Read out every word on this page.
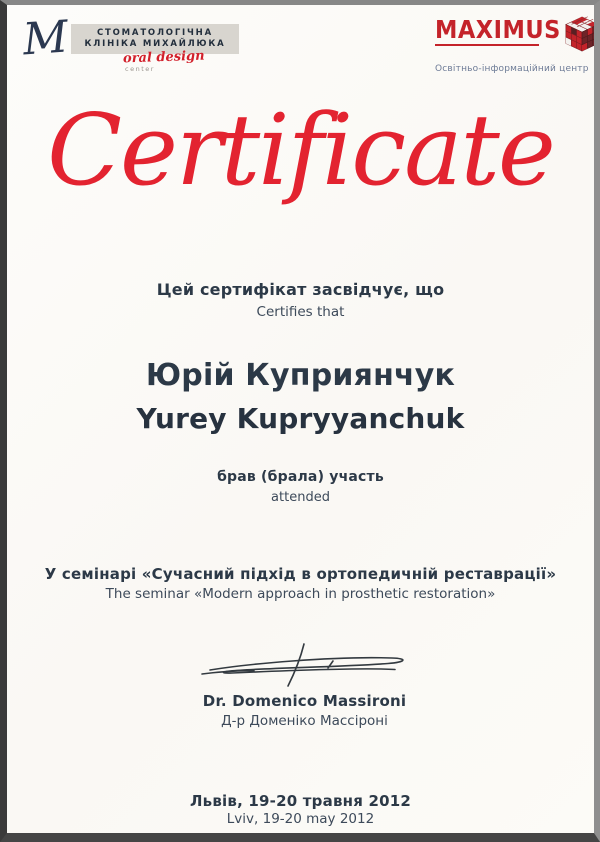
М	СТОМАТОЛОГІЧНА
КЛІНІКА МИХАЙЛЮКА
oral design
center
MAXIMUS
Освітньо-інформаційний центр
Certificate
Цей сертифікат засвідчує, що
Certifies that
Юрій Куприянчук
Yurey Kupryyanchuk
брав (брала) участь
attended
У семінарі «Сучасний підхід в ортопедичній реставрації»
The seminar «Modern approach in prosthetic restoration»
Dr. Domenico Massironi
Д-р Доменіко Массіроні
Львів, 19-20 травня 2012
Lviv, 19-20 may 2012
